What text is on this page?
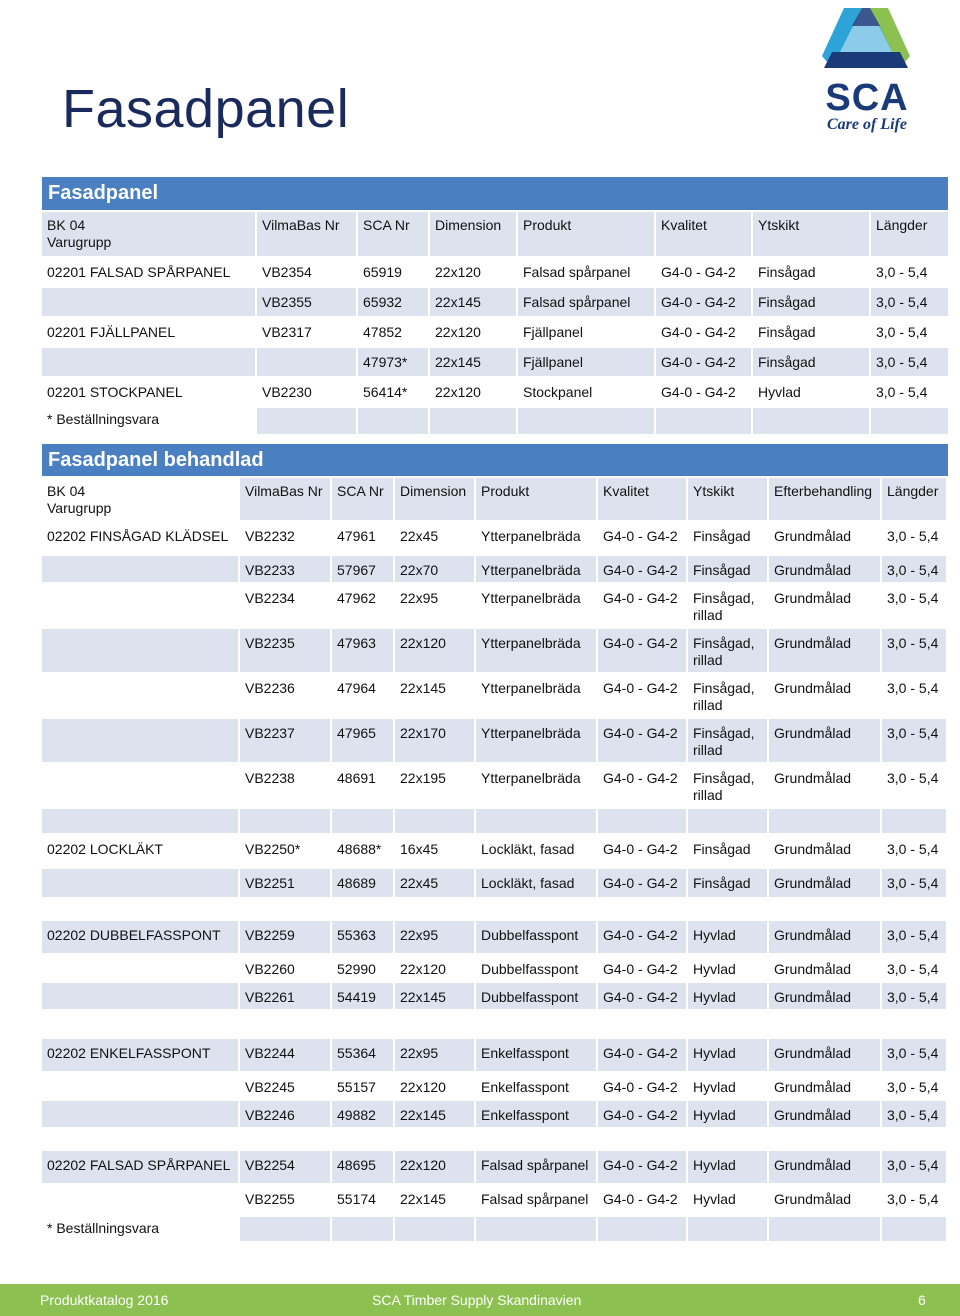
Fasadpanel	SCA
Care of Life
Fasadpanel
BK 04
Varugrupp	VilmaBas Nr	SCA Nr	Dimension	Produkt	Kvalitet	Ytskikt	Längder
02201 FALSAD SPÅRPANEL	VB2354	65919	22x120	Falsad spårpanel	G4-0 - G4-2	Finsågad	3,0 - 5,4
	VB2355	65932	22x145	Falsad spårpanel	G4-0 - G4-2	Finsågad	3,0 - 5,4
02201 FJÄLLPANEL	VB2317	47852	22x120	Fjällpanel	G4-0 - G4-2	Finsågad	3,0 - 5,4
		47973*	22x145	Fjällpanel	G4-0 - G4-2	Finsågad	3,0 - 5,4
02201 STOCKPANEL	VB2230	56414*	22x120	Stockpanel	G4-0 - G4-2	Hyvlad	3,0 - 5,4
* Beställningsvara							
Fasadpanel behandlad
BK 04
Varugrupp	VilmaBas Nr	SCA Nr	Dimension	Produkt	Kvalitet	Ytskikt	Efterbehandling	Längder
02202 FINSÅGAD KLÄDSEL	VB2232	47961	22x45	Ytterpanelbräda	G4-0 - G4-2	Finsågad	Grundmålad	3,0 - 5,4
	VB2233	57967	22x70	Ytterpanelbräda	G4-0 - G4-2	Finsågad	Grundmålad	3,0 - 5,4
	VB2234	47962	22x95	Ytterpanelbräda	G4-0 - G4-2	Finsågad, rillad	Grundmålad	3,0 - 5,4
	VB2235	47963	22x120	Ytterpanelbräda	G4-0 - G4-2	Finsågad, rillad	Grundmålad	3,0 - 5,4
	VB2236	47964	22x145	Ytterpanelbräda	G4-0 - G4-2	Finsågad, rillad	Grundmålad	3,0 - 5,4
	VB2237	47965	22x170	Ytterpanelbräda	G4-0 - G4-2	Finsågad, rillad	Grundmålad	3,0 - 5,4
	VB2238	48691	22x195	Ytterpanelbräda	G4-0 - G4-2	Finsågad, rillad	Grundmålad	3,0 - 5,4

02202 LOCKLÄKT	VB2250*	48688*	16x45	Lockläkt, fasad	G4-0 - G4-2	Finsågad	Grundmålad	3,0 - 5,4
	VB2251	48689	22x45	Lockläkt, fasad	G4-0 - G4-2	Finsågad	Grundmålad	3,0 - 5,4

02202 DUBBELFASSPONT	VB2259	55363	22x95	Dubbelfasspont	G4-0 - G4-2	Hyvlad	Grundmålad	3,0 - 5,4
	VB2260	52990	22x120	Dubbelfasspont	G4-0 - G4-2	Hyvlad	Grundmålad	3,0 - 5,4
	VB2261	54419	22x145	Dubbelfasspont	G4-0 - G4-2	Hyvlad	Grundmålad	3,0 - 5,4

02202 ENKELFASSPONT	VB2244	55364	22x95	Enkelfasspont	G4-0 - G4-2	Hyvlad	Grundmålad	3,0 - 5,4
	VB2245	55157	22x120	Enkelfasspont	G4-0 - G4-2	Hyvlad	Grundmålad	3,0 - 5,4
	VB2246	49882	22x145	Enkelfasspont	G4-0 - G4-2	Hyvlad	Grundmålad	3,0 - 5,4

02202 FALSAD SPÅRPANEL	VB2254	48695	22x120	Falsad spårpanel	G4-0 - G4-2	Hyvlad	Grundmålad	3,0 - 5,4
	VB2255	55174	22x145	Falsad spårpanel	G4-0 - G4-2	Hyvlad	Grundmålad	3,0 - 5,4
* Beställningsvara								
Produktkatalog 2016	SCA Timber Supply Skandinavien	6
